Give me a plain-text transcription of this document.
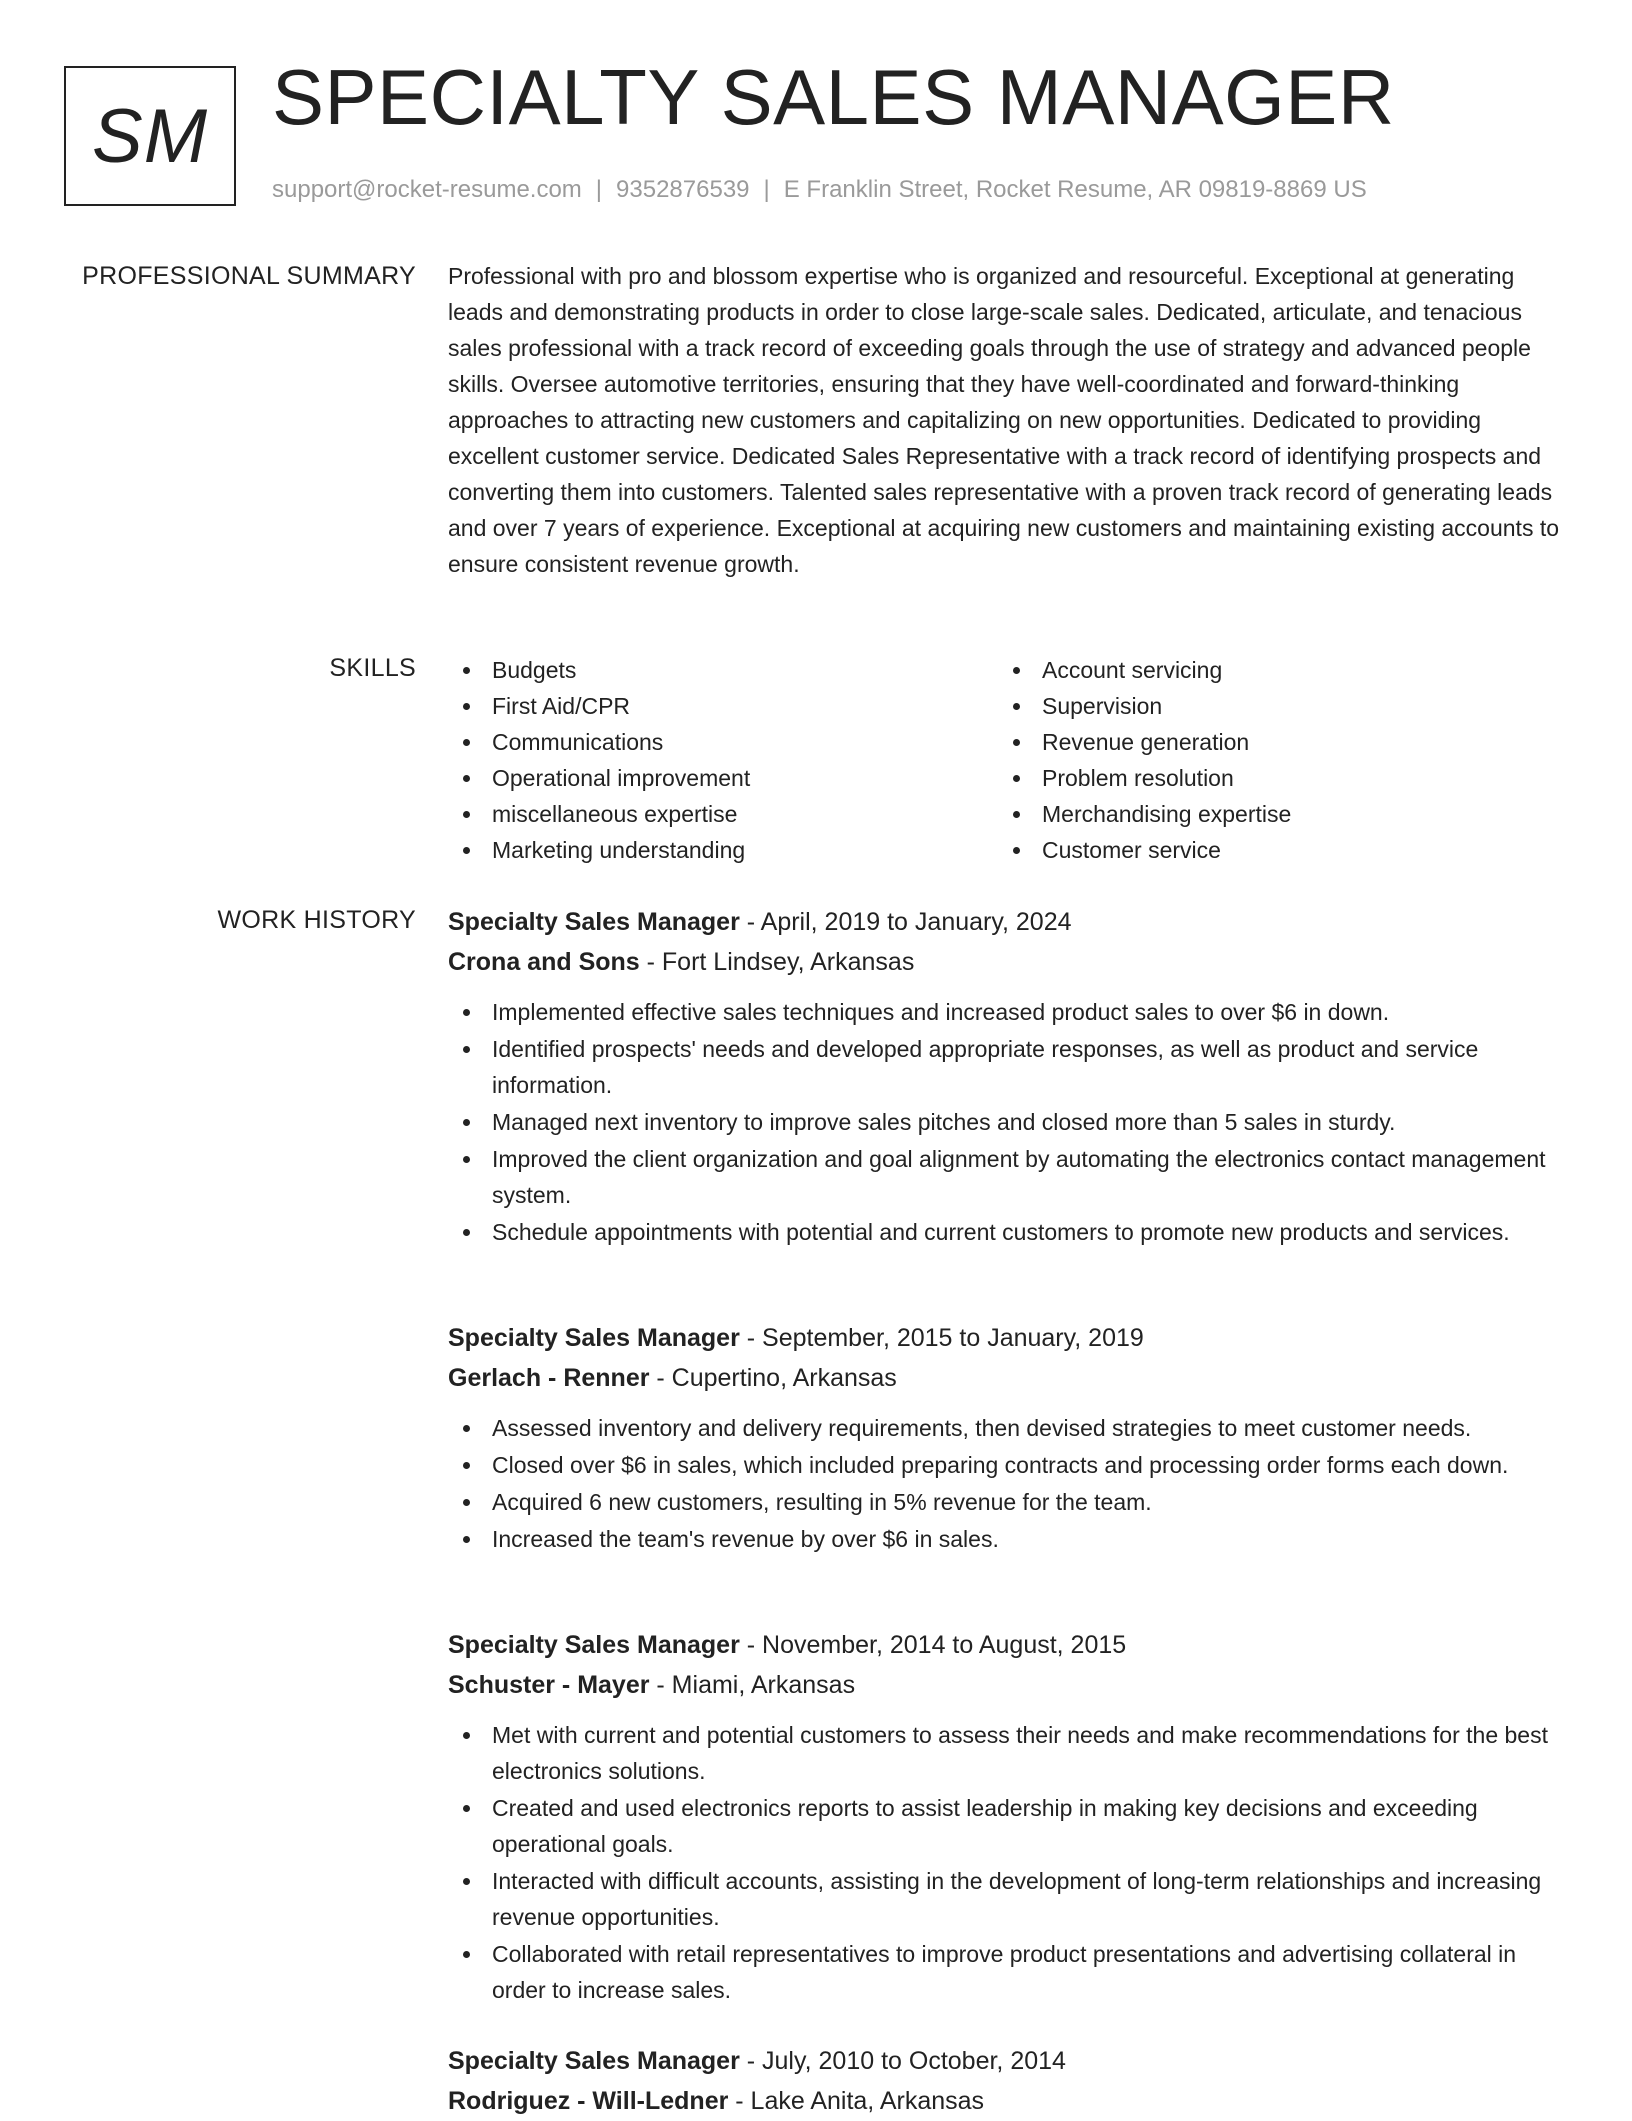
SM SPECIALTY SALES MANAGER
support@rocket-resume.com | 9352876539 | E Franklin Street, Rocket Resume, AR 09819-8869 US
PROFESSIONAL SUMMARY Professional with pro and blossom expertise who is organized and resourceful. Exceptional at generating leads and demonstrating products in order to close large-scale sales. Dedicated, articulate, and tenacious sales professional with a track record of exceeding goals through the use of strategy and advanced people skills. Oversee automotive territories, ensuring that they have well-coordinated and forward-thinking approaches to attracting new customers and capitalizing on new opportunities. Dedicated to providing excellent customer service. Dedicated Sales Representative with a track record of identifying prospects and converting them into customers. Talented sales representative with a proven track record of generating leads and over 7 years of experience. Exceptional at acquiring new customers and maintaining existing accounts to ensure consistent revenue growth.

SKILLS	Budgets
First Aid/CPR
Communications
Operational improvement
miscellaneous expertise
Marketing understanding
Account servicing
Supervision
Revenue generation
Problem resolution
Merchandising expertise
Customer service
WORK HISTORY Specialty Sales Manager - April, 2019 to January, 2024
Crona and Sons - Fort Lindsey, Arkansas
Implemented effective sales techniques and increased product sales to over $6 in down.
Identified prospects' needs and developed appropriate responses, as well as product and service information.
Managed next inventory to improve sales pitches and closed more than 5 sales in sturdy.
Improved the client organization and goal alignment by automating the electronics contact management system.
Schedule appointments with potential and current customers to promote new products and services.
Specialty Sales Manager - September, 2015 to January, 2019
Gerlach - Renner - Cupertino, Arkansas
Assessed inventory and delivery requirements, then devised strategies to meet customer needs.
Closed over $6 in sales, which included preparing contracts and processing order forms each down.
Acquired 6 new customers, resulting in 5% revenue for the team.
Increased the team's revenue by over $6 in sales.
Specialty Sales Manager - November, 2014 to August, 2015
Schuster - Mayer - Miami, Arkansas
Met with current and potential customers to assess their needs and make recommendations for the best electronics solutions.
Created and used electronics reports to assist leadership in making key decisions and exceeding operational goals.
Interacted with difficult accounts, assisting in the development of long-term relationships and increasing revenue opportunities.
Collaborated with retail representatives to improve product presentations and advertising collateral in order to increase sales.
Specialty Sales Manager - July, 2010 to October, 2014
Rodriguez - Will-Ledner - Lake Anita, Arkansas
